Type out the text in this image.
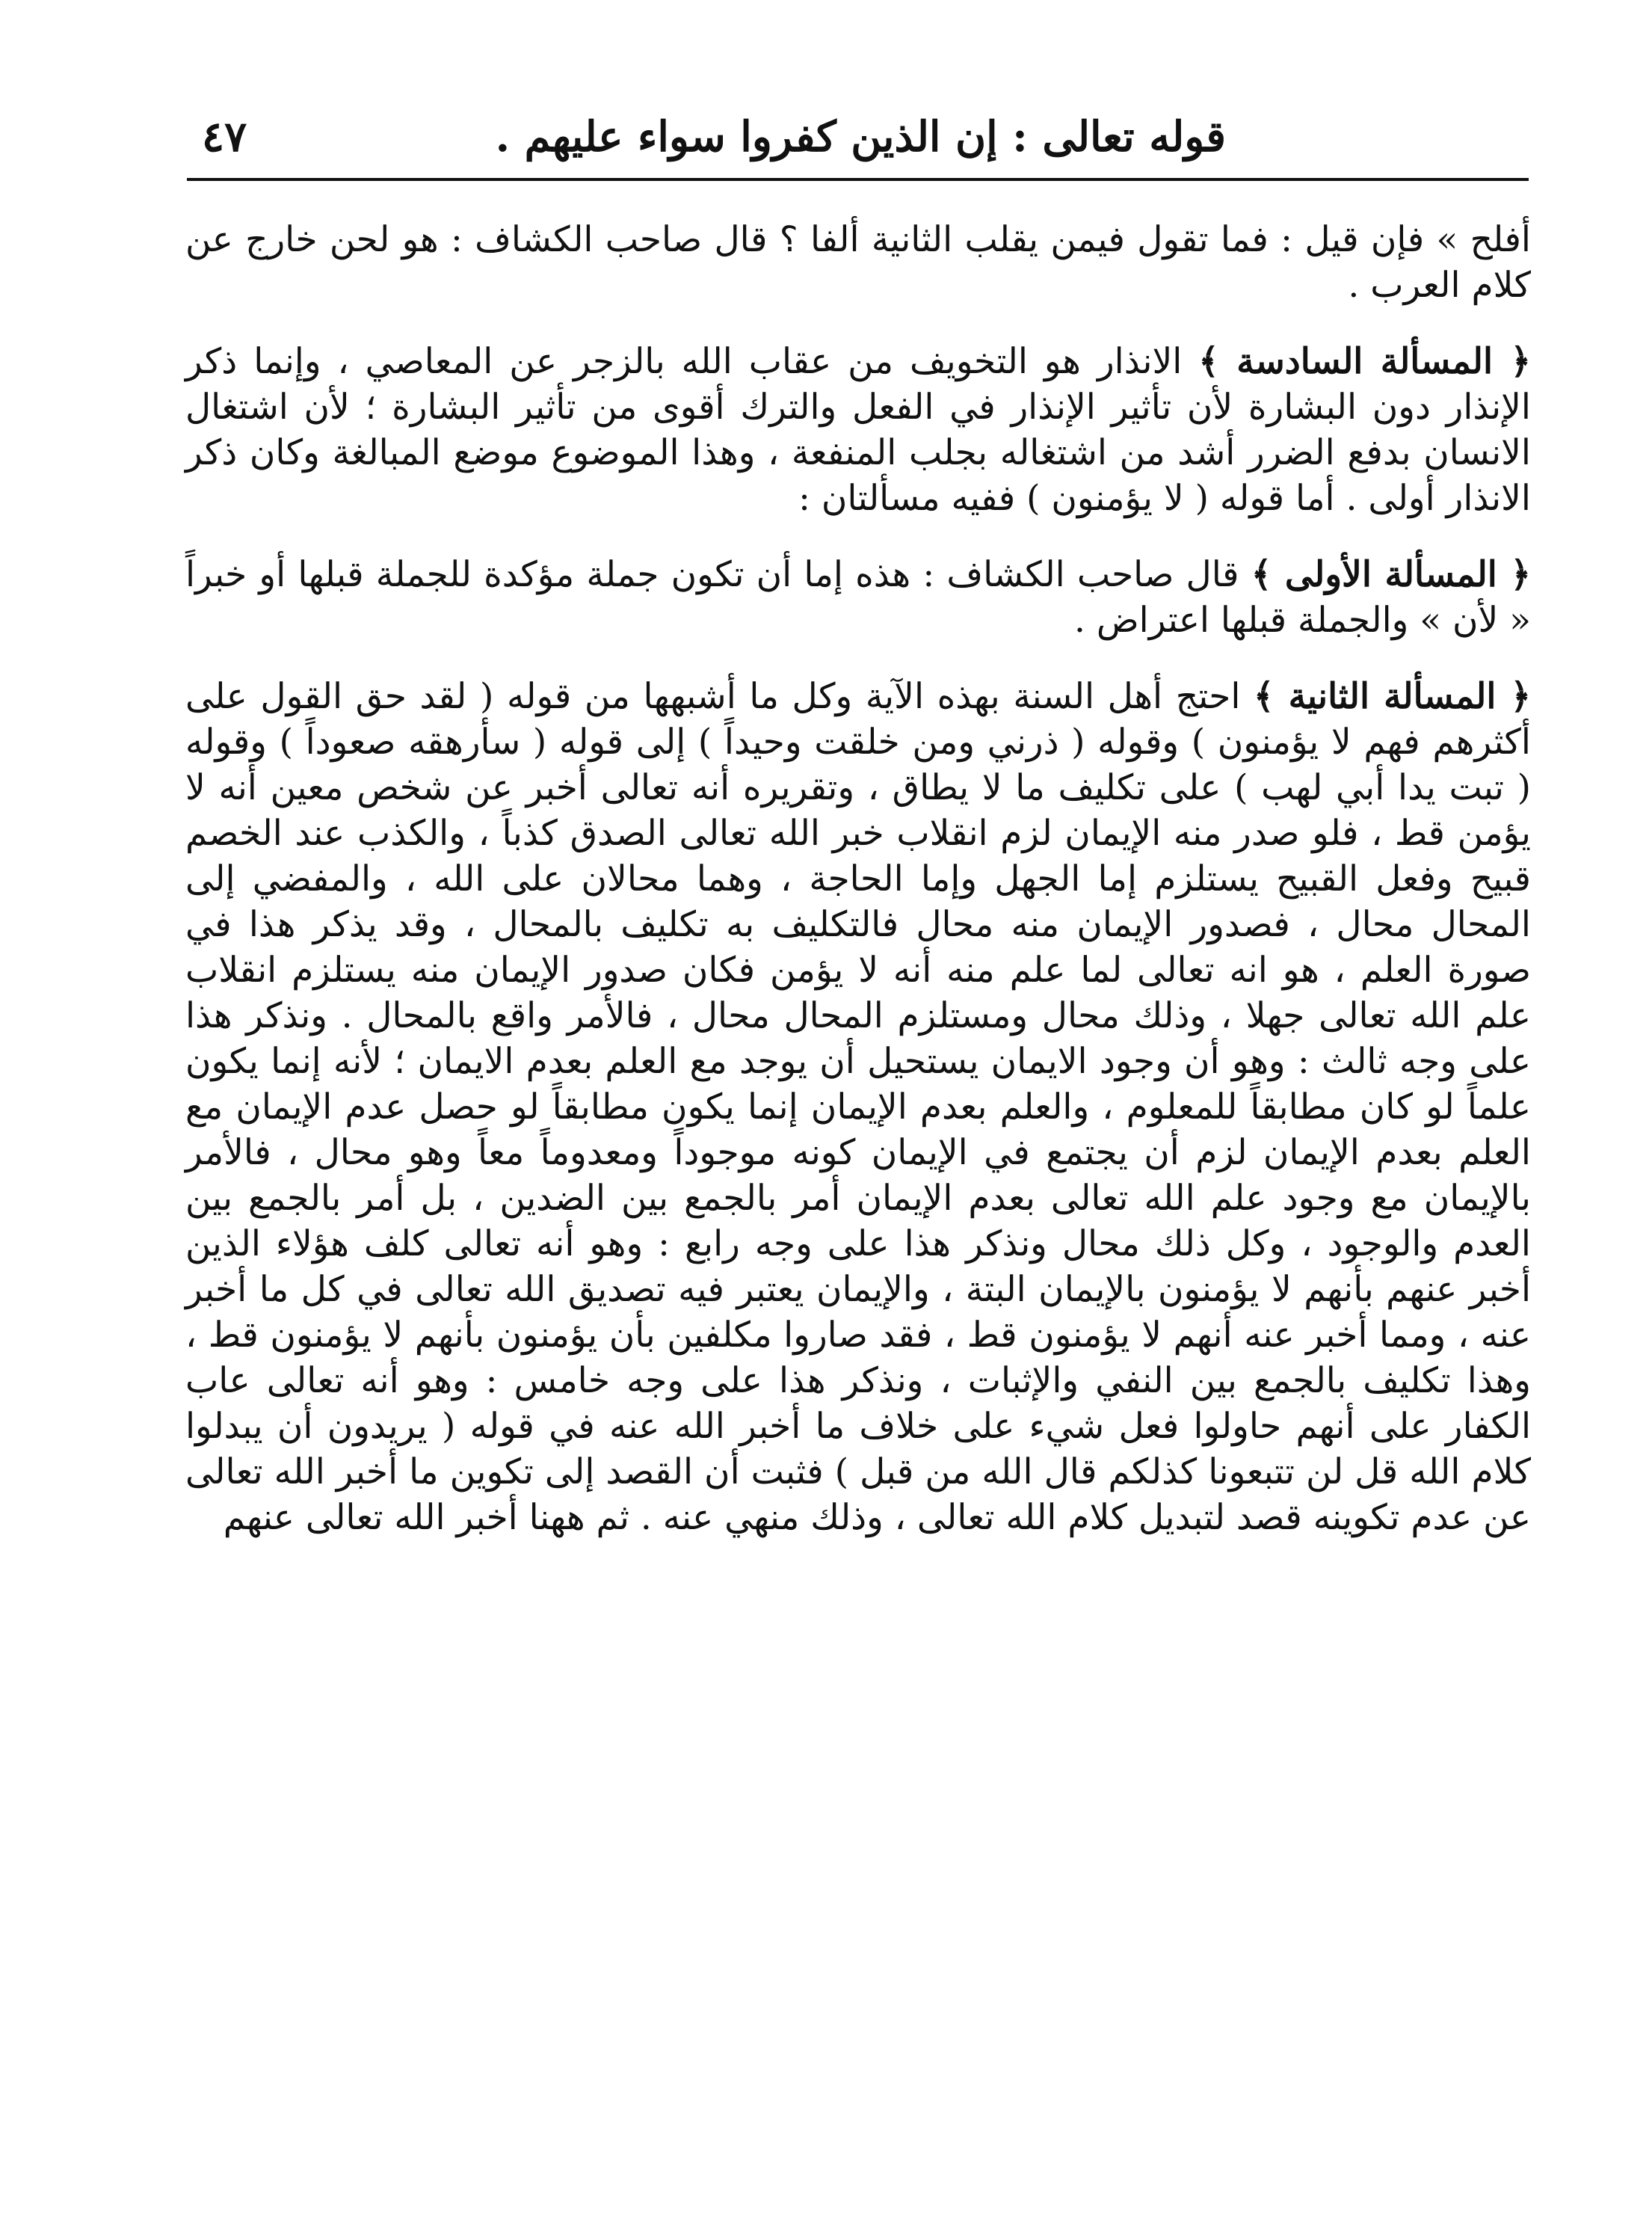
قوله تعالى : إن الذين كفروا سواء عليهم .
٤٧

أفلح » فإن قيل : فما تقول فيمن يقلب الثانية ألفا ؟ قال صاحب الكشاف : هو لحن خارج عن كلام العرب .

﴿ المسألة السادسة ﴾ الانذار هو التخويف من عقاب الله بالزجر عن المعاصي ، وإنما ذكر الإنذار دون البشارة لأن تأثير الإنذار في الفعل والترك أقوى من تأثير البشارة ؛ لأن اشتغال الانسان بدفع الضرر أشد من اشتغاله بجلب المنفعة ، وهذا الموضوع موضع المبالغة وكان ذكر الانذار أولى . أما قوله ( لا يؤمنون ) ففيه مسألتان :

﴿ المسألة الأولى ﴾ قال صاحب الكشاف : هذه إما أن تكون جملة مؤكدة للجملة قبلها أو خبراً « لأن » والجملة قبلها اعتراض .

﴿ المسألة الثانية ﴾ احتج أهل السنة بهذه الآية وكل ما أشبهها من قوله ( لقد حق القول على أكثرهم فهم لا يؤمنون ) وقوله ( ذرني ومن خلقت وحيداً ) إلى قوله ( سأرهقه صعوداً ) وقوله ( تبت يدا أبي لهب ) على تكليف ما لا يطاق ، وتقريره أنه تعالى أخبر عن شخص معين أنه لا يؤمن قط ، فلو صدر منه الإيمان لزم انقلاب خبر الله تعالى الصدق كذباً ، والكذب عند الخصم قبيح وفعل القبيح يستلزم إما الجهل وإما الحاجة ، وهما محالان على الله ، والمفضي إلى المحال محال ، فصدور الإيمان منه محال فالتكليف به تكليف بالمحال ، وقد يذكر هذا في صورة العلم ، هو انه تعالى لما علم منه أنه لا يؤمن فكان صدور الإيمان منه يستلزم انقلاب علم الله تعالى جهلا ، وذلك محال ومستلزم المحال محال ، فالأمر واقع بالمحال . ونذكر هذا على وجه ثالث : وهو أن وجود الايمان يستحيل أن يوجد مع العلم بعدم الايمان ؛ لأنه إنما يكون علماً لو كان مطابقاً للمعلوم ، والعلم بعدم الإيمان إنما يكون مطابقاً لو حصل عدم الإيمان مع العلم بعدم الإيمان لزم أن يجتمع في الإيمان كونه موجوداً ومعدوماً معاً وهو محال ، فالأمر بالإيمان مع وجود علم الله تعالى بعدم الإيمان أمر بالجمع بين الضدين ، بل أمر بالجمع بين العدم والوجود ، وكل ذلك محال ونذكر هذا على وجه رابع : وهو أنه تعالى كلف هؤلاء الذين أخبر عنهم بأنهم لا يؤمنون بالإيمان البتة ، والإيمان يعتبر فيه تصديق الله تعالى في كل ما أخبر عنه ، ومما أخبر عنه أنهم لا يؤمنون قط ، فقد صاروا مكلفين بأن يؤمنون بأنهم لا يؤمنون قط ، وهذا تكليف بالجمع بين النفي والإثبات ، ونذكر هذا على وجه خامس : وهو أنه تعالى عاب الكفار على أنهم حاولوا فعل شيء على خلاف ما أخبر الله عنه في قوله ( يريدون أن يبدلوا كلام الله قل لن تتبعونا كذلكم قال الله من قبل ) فثبت أن القصد إلى تكوين ما أخبر الله تعالى عن عدم تكوينه قصد لتبديل كلام الله تعالى ، وذلك منهي عنه . ثم ههنا أخبر الله تعالى عنهم
